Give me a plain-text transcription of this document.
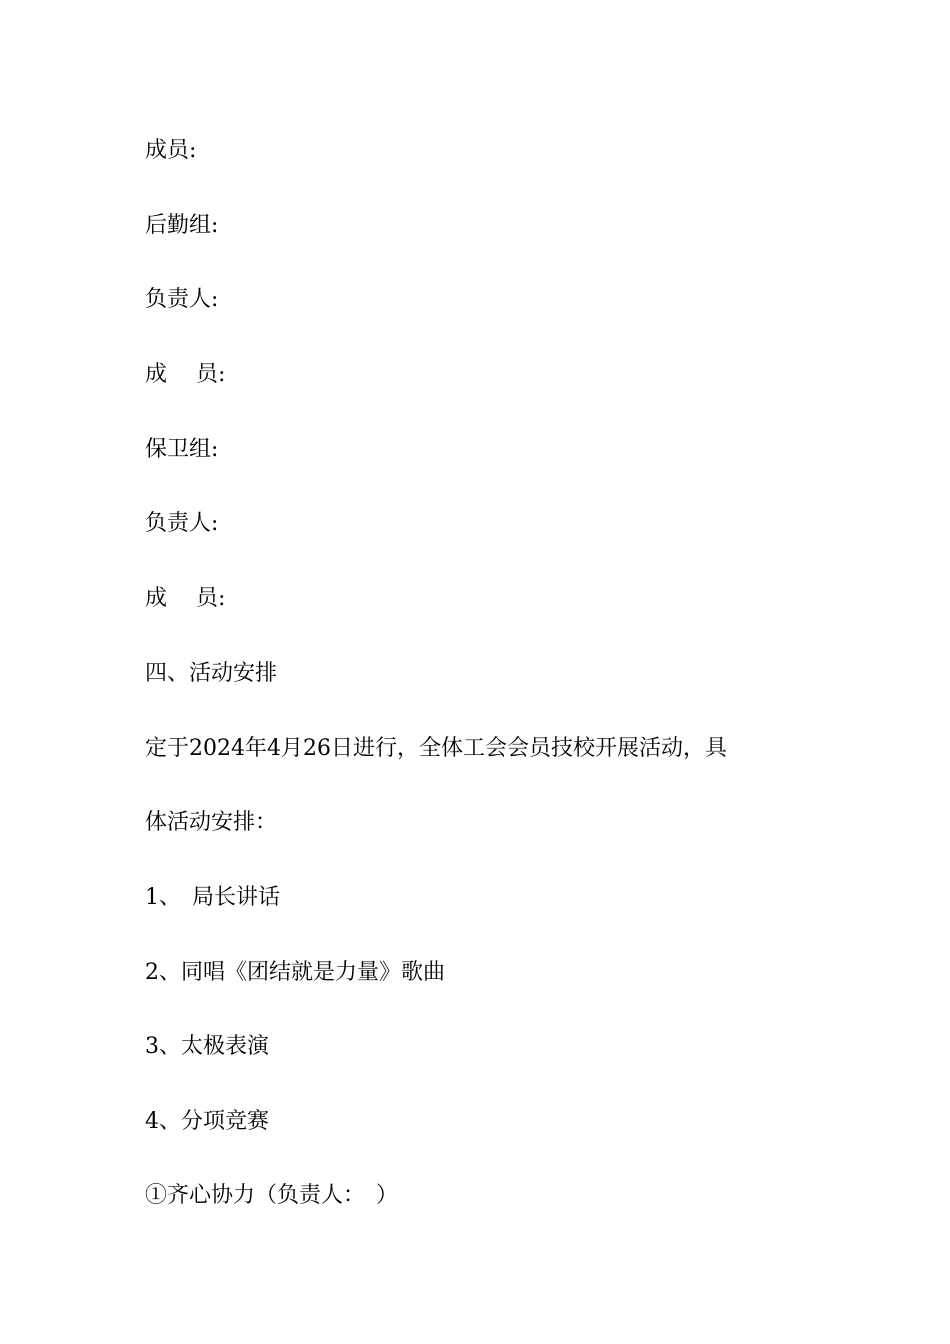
成员:

后勤组:

负责人:

成　 员:

保卫组:

负责人:

成　 员:

四、活动安排

定于2024年4月26日进行，全体工会会员技校开展活动，具

体活动安排：

1、　局长讲话

2、同唱《团结就是力量》歌曲

3、太极表演

4、分项竞赛

①齐心协力（负责人：　）
